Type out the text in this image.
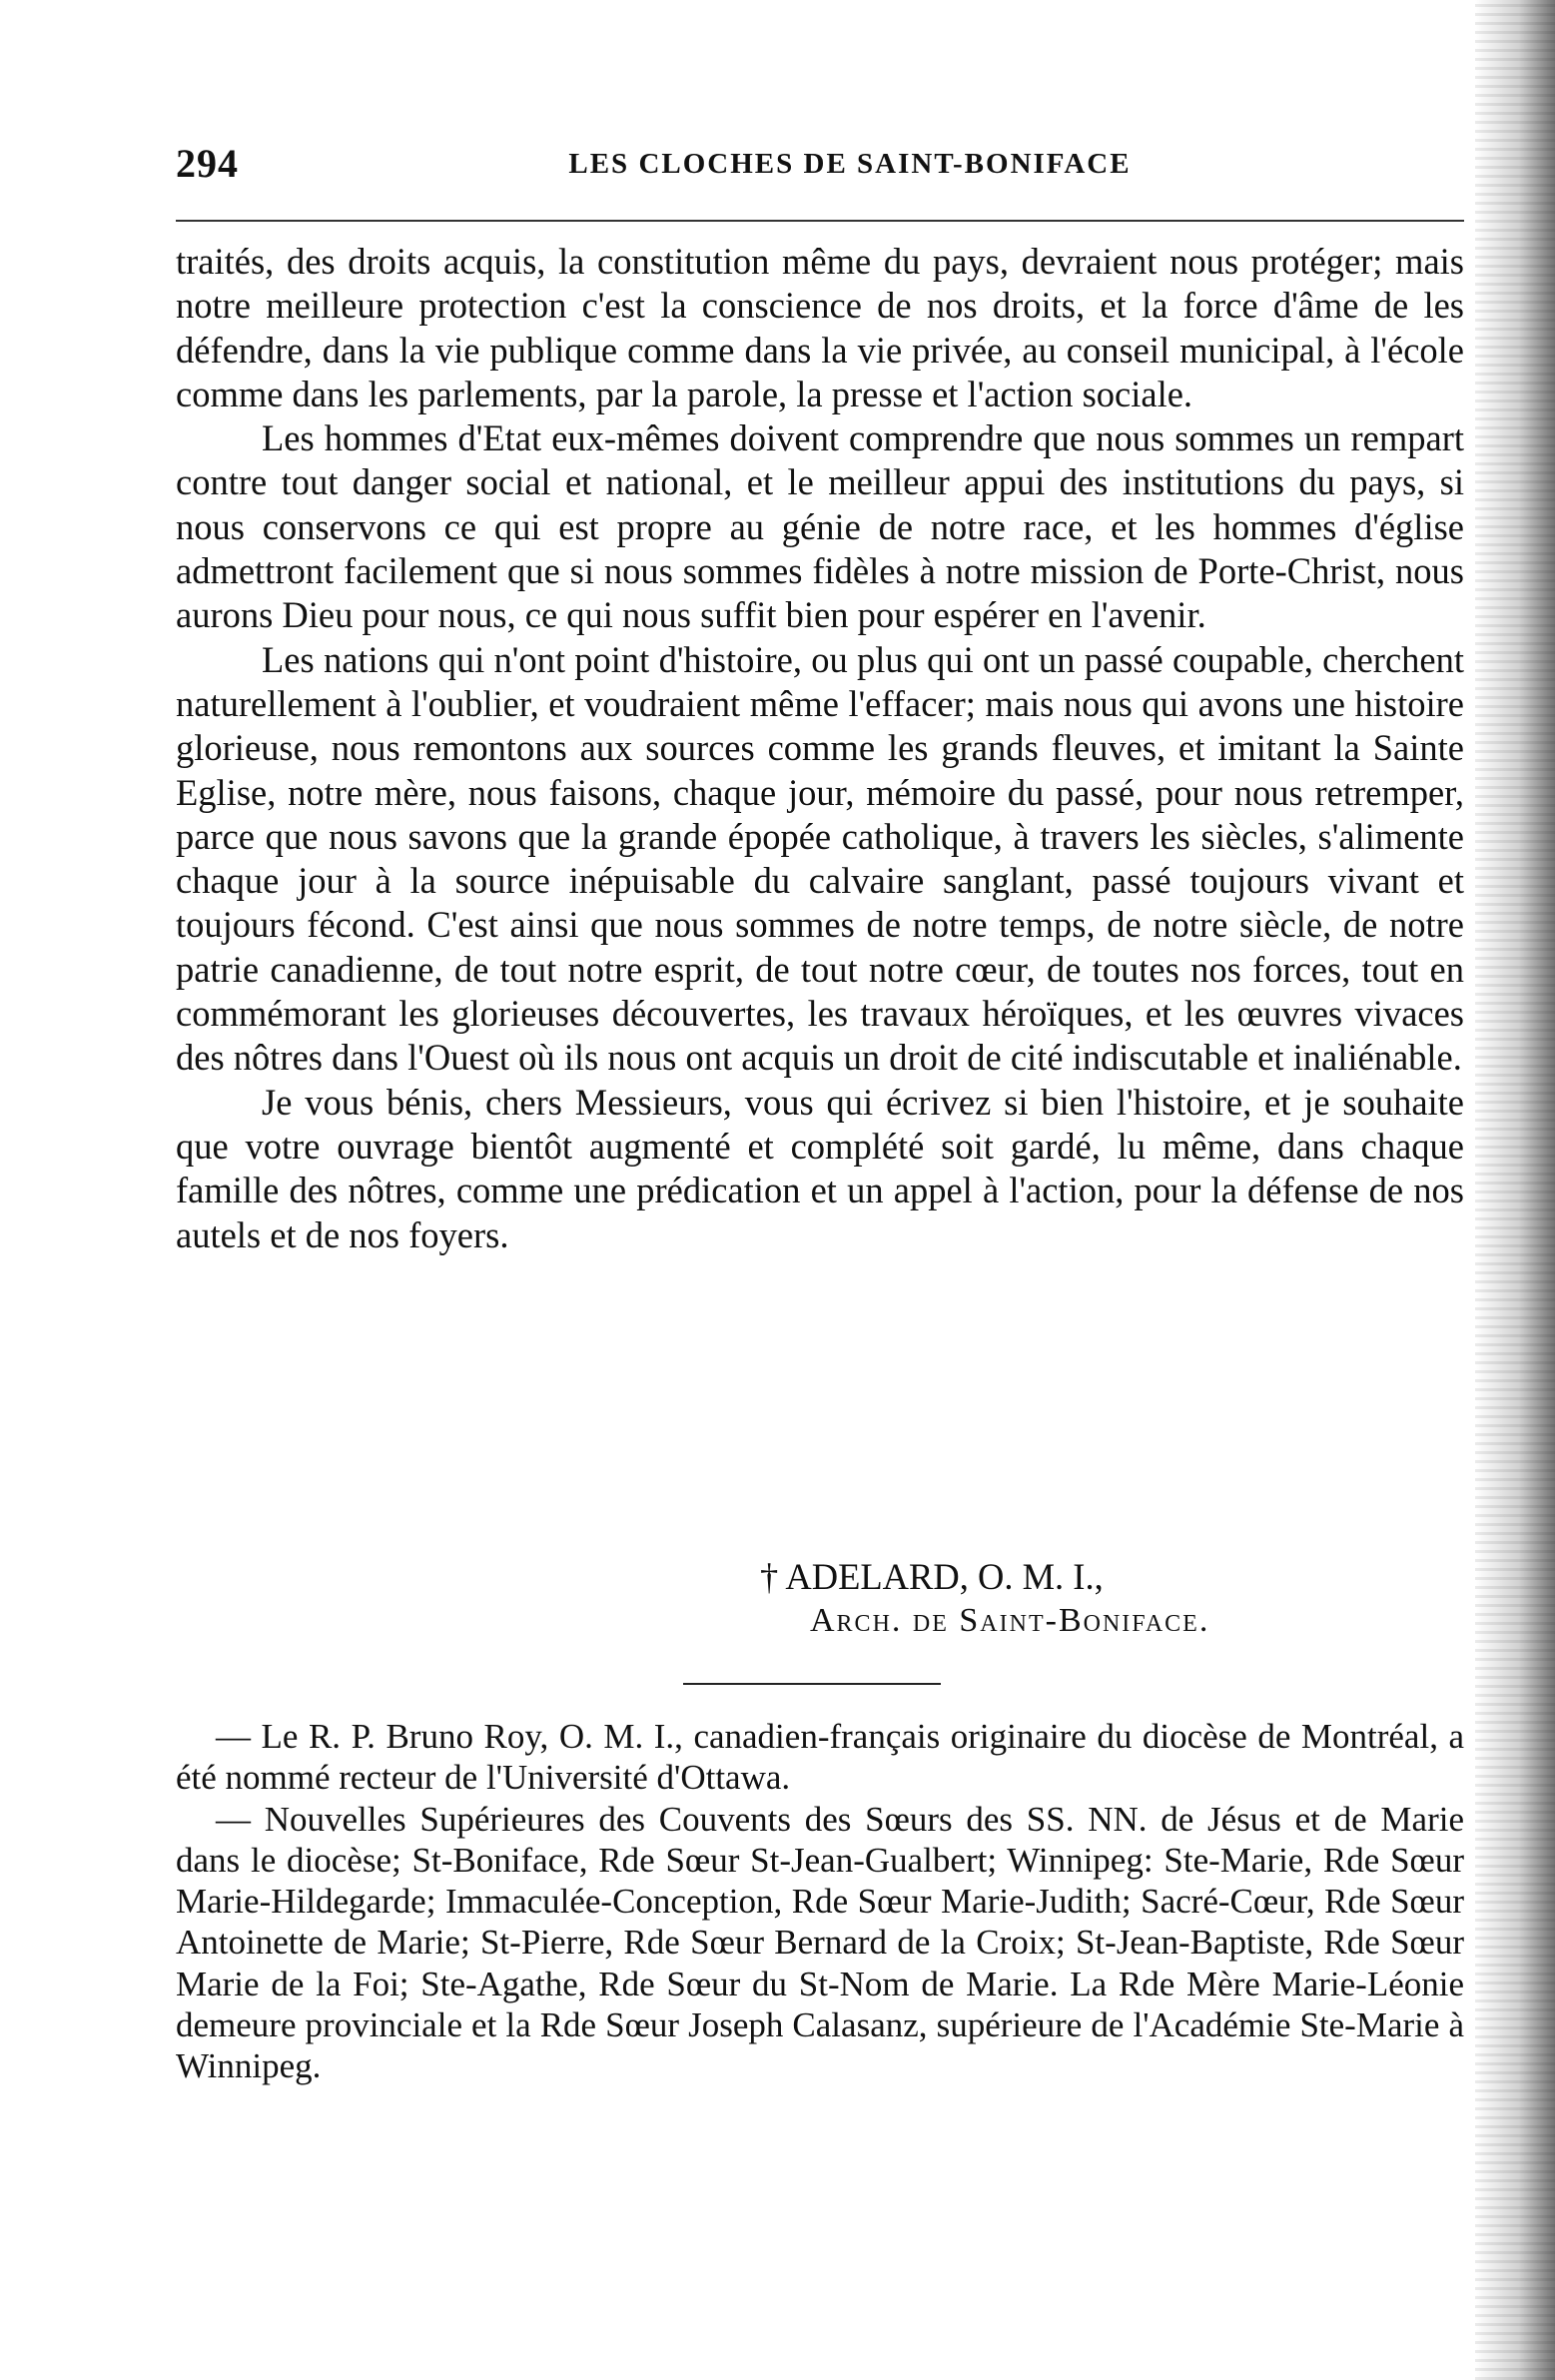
294	LES CLOCHES DE SAINT-BONIFACE

traités, des droits acquis, la constitution même du pays, devraient nous protéger; mais notre meilleure protection c'est la conscience de nos droits, et la force d'âme de les défendre, dans la vie publique comme dans la vie privée, au conseil municipal, à l'école comme dans les parlements, par la parole, la presse et l'action sociale.

Les hommes d'Etat eux-mêmes doivent comprendre que nous sommes un rempart contre tout danger social et national, et le meilleur appui des institutions du pays, si nous conservons ce qui est propre au génie de notre race, et les hommes d'église admettront facilement que si nous sommes fidèles à notre mission de Porte-Christ, nous aurons Dieu pour nous, ce qui nous suffit bien pour espérer en l'avenir.

Les nations qui n'ont point d'histoire, ou plus qui ont un passé coupable, cherchent naturellement à l'oublier, et voudraient même l'effacer; mais nous qui avons une histoire glorieuse, nous remontons aux sources comme les grands fleuves, et imitant la Sainte Eglise, notre mère, nous faisons, chaque jour, mémoire du passé, pour nous retremper, parce que nous savons que la grande épopée catholique, à travers les siècles, s'alimente chaque jour à la source inépuisable du calvaire sanglant, passé toujours vivant et toujours fécond. C'est ainsi que nous sommes de notre temps, de notre siècle, de notre patrie canadienne, de tout notre esprit, de tout notre cœur, de toutes nos forces, tout en commémorant les glorieuses découvertes, les travaux héroïques, et les œuvres vivaces des nôtres dans l'Ouest où ils nous ont acquis un droit de cité indiscutable et inaliénable.

Je vous bénis, chers Messieurs, vous qui écrivez si bien l'histoire, et je souhaite que votre ouvrage bientôt augmenté et complété soit gardé, lu même, dans chaque famille des nôtres, comme une prédication et un appel à l'action, pour la défense de nos autels et de nos foyers.

† ADELARD, O. M. I.,
Arch. de Saint-Boniface.

— Le R. P. Bruno Roy, O. M. I., canadien-français originaire du diocèse de Montréal, a été nommé recteur de l'Université d'Ottawa.

— Nouvelles Supérieures des Couvents des Sœurs des SS. NN. de Jésus et de Marie dans le diocèse; St-Boniface, Rde Sœur St-Jean-Gualbert; Winnipeg: Ste-Marie, Rde Sœur Marie-Hildegarde; Immaculée-Conception, Rde Sœur Marie-Judith; Sacré-Cœur, Rde Sœur Antoinette de Marie; St-Pierre, Rde Sœur Bernard de la Croix; St-Jean-Baptiste, Rde Sœur Marie de la Foi; Ste-Agathe, Rde Sœur du St-Nom de Marie. La Rde Mère Marie-Léonie demeure provinciale et la Rde Sœur Joseph Calasanz, supérieure de l'Académie Ste-Marie à Winnipeg.
